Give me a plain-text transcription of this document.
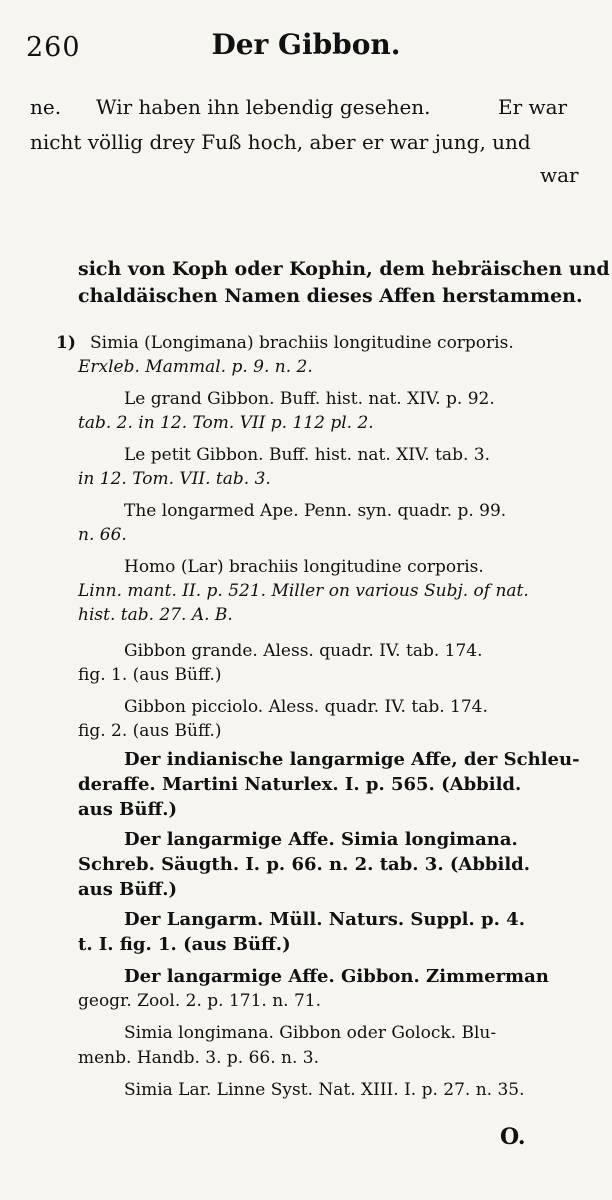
260	Der Gibbon.
ne. Wir haben ihn lebendig gesehen.	Er war
nicht völlig drey Fuß hoch, aber er war jung, und
war
sich von Koph oder Kophin, dem hebräischen und
chaldäischen Namen dieses Affen herstammen.
1) Simia (Longimana) brachiis longitudine corporis.
Erxleb. Mammal. p. 9. n. 2.
Le grand Gibbon. Buff. hist. nat. XIV. p. 92.
tab. 2. in 12. Tom. VII p. 112 pl. 2.
Le petit Gibbon. Buff. hist. nat. XIV. tab. 3.
in 12. Tom. VII. tab. 3.
The longarmed Ape. Penn. syn. quadr. p. 99.
n. 66.
Homo (Lar) brachiis longitudine corporis.
Linn. mant. II. p. 521. Miller on various Subj. of nat.
hist. tab. 27. A. B.
Gibbon grande. Aless. quadr. IV. tab. 174.
fig. 1. (aus Büff.)
Gibbon picciolo. Aless. quadr. IV. tab. 174.
fig. 2. (aus Büff.)
Der indianische langarmige Affe, der Schleu-
deraffe. Martini Naturlex. I. p. 565. (Abbild.
aus Büff.)
Der langarmige Affe. Simia longimana.
Schreb. Säugth. I. p. 66. n. 2. tab. 3. (Abbild.
aus Büff.)
Der Langarm. Müll. Naturs. Suppl. p. 4.
t. I. fig. 1. (aus Büff.)
Der langarmige Affe. Gibbon. Zimmerman
geogr. Zool. 2. p. 171. n. 71.
Simia longimana. Gibbon oder Golock. Blu-
menb. Handb. 3. p. 66. n. 3.
Simia Lar. Linne Syst. Nat. XIII. I. p. 27. n. 35.
O.
